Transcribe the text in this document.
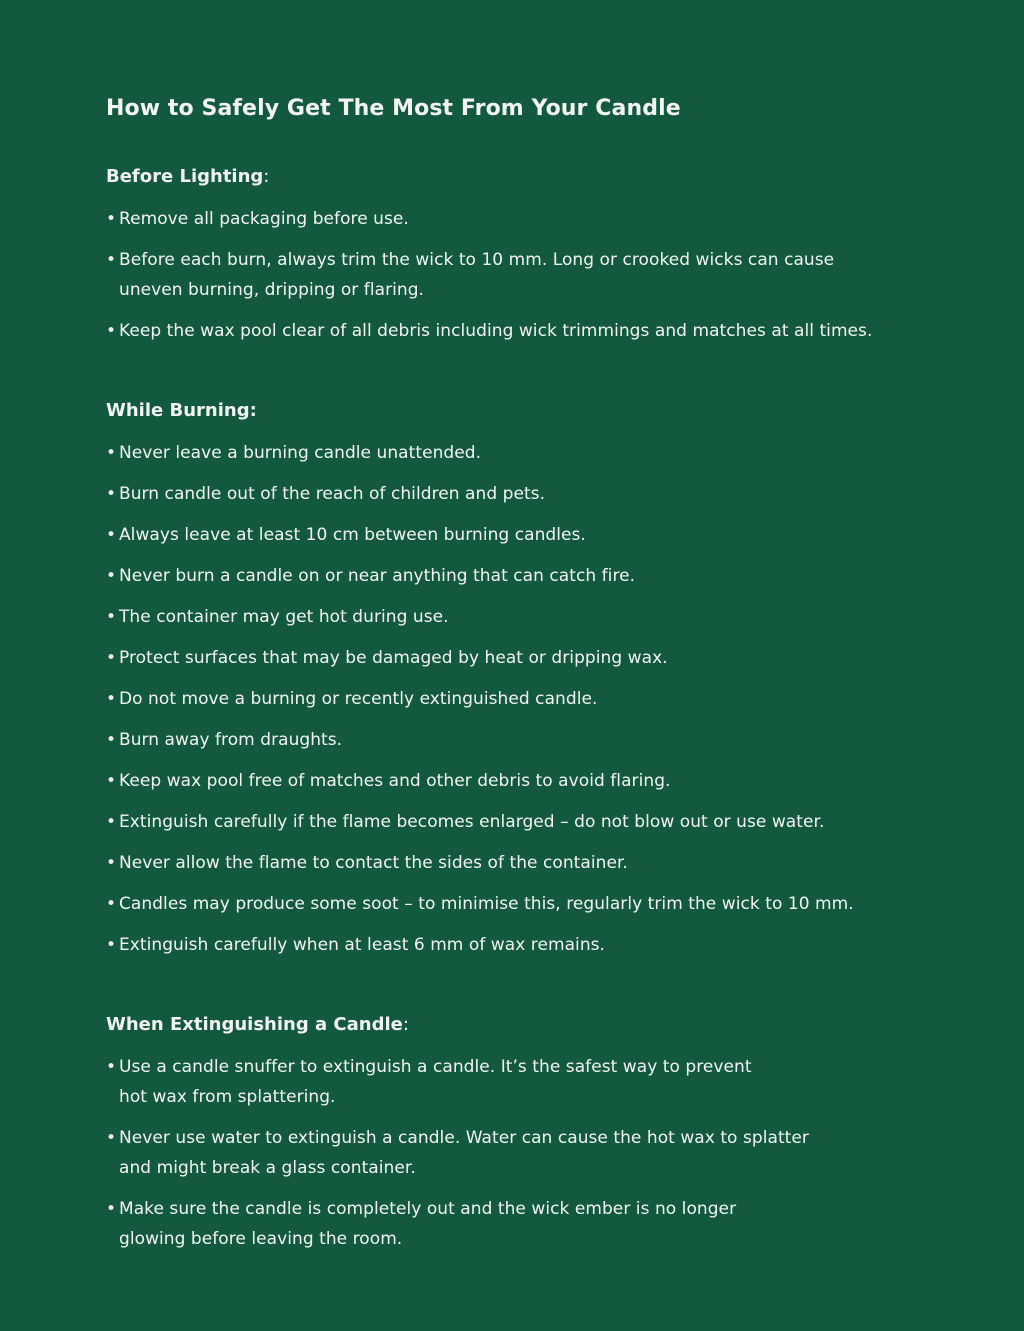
How to Safely Get The Most From Your Candle
Before Lighting:
• Remove all packaging before use.
• Before each burn, always trim the wick to 10 mm. Long or crooked wicks can cause
uneven burning, dripping or flaring.
• Keep the wax pool clear of all debris including wick trimmings and matches at all times.
While Burning:
• Never leave a burning candle unattended.
• Burn candle out of the reach of children and pets.
• Always leave at least 10 cm between burning candles.
• Never burn a candle on or near anything that can catch fire.
• The container may get hot during use.
• Protect surfaces that may be damaged by heat or dripping wax.
• Do not move a burning or recently extinguished candle.
• Burn away from draughts.
• Keep wax pool free of matches and other debris to avoid flaring.
• Extinguish carefully if the flame becomes enlarged – do not blow out or use water.
• Never allow the flame to contact the sides of the container.
• Candles may produce some soot – to minimise this, regularly trim the wick to 10 mm.
• Extinguish carefully when at least 6 mm of wax remains.
When Extinguishing a Candle:
• Use a candle snuffer to extinguish a candle. It’s the safest way to prevent
hot wax from splattering.
• Never use water to extinguish a candle. Water can cause the hot wax to splatter
and might break a glass container.
• Make sure the candle is completely out and the wick ember is no longer
glowing before leaving the room.
